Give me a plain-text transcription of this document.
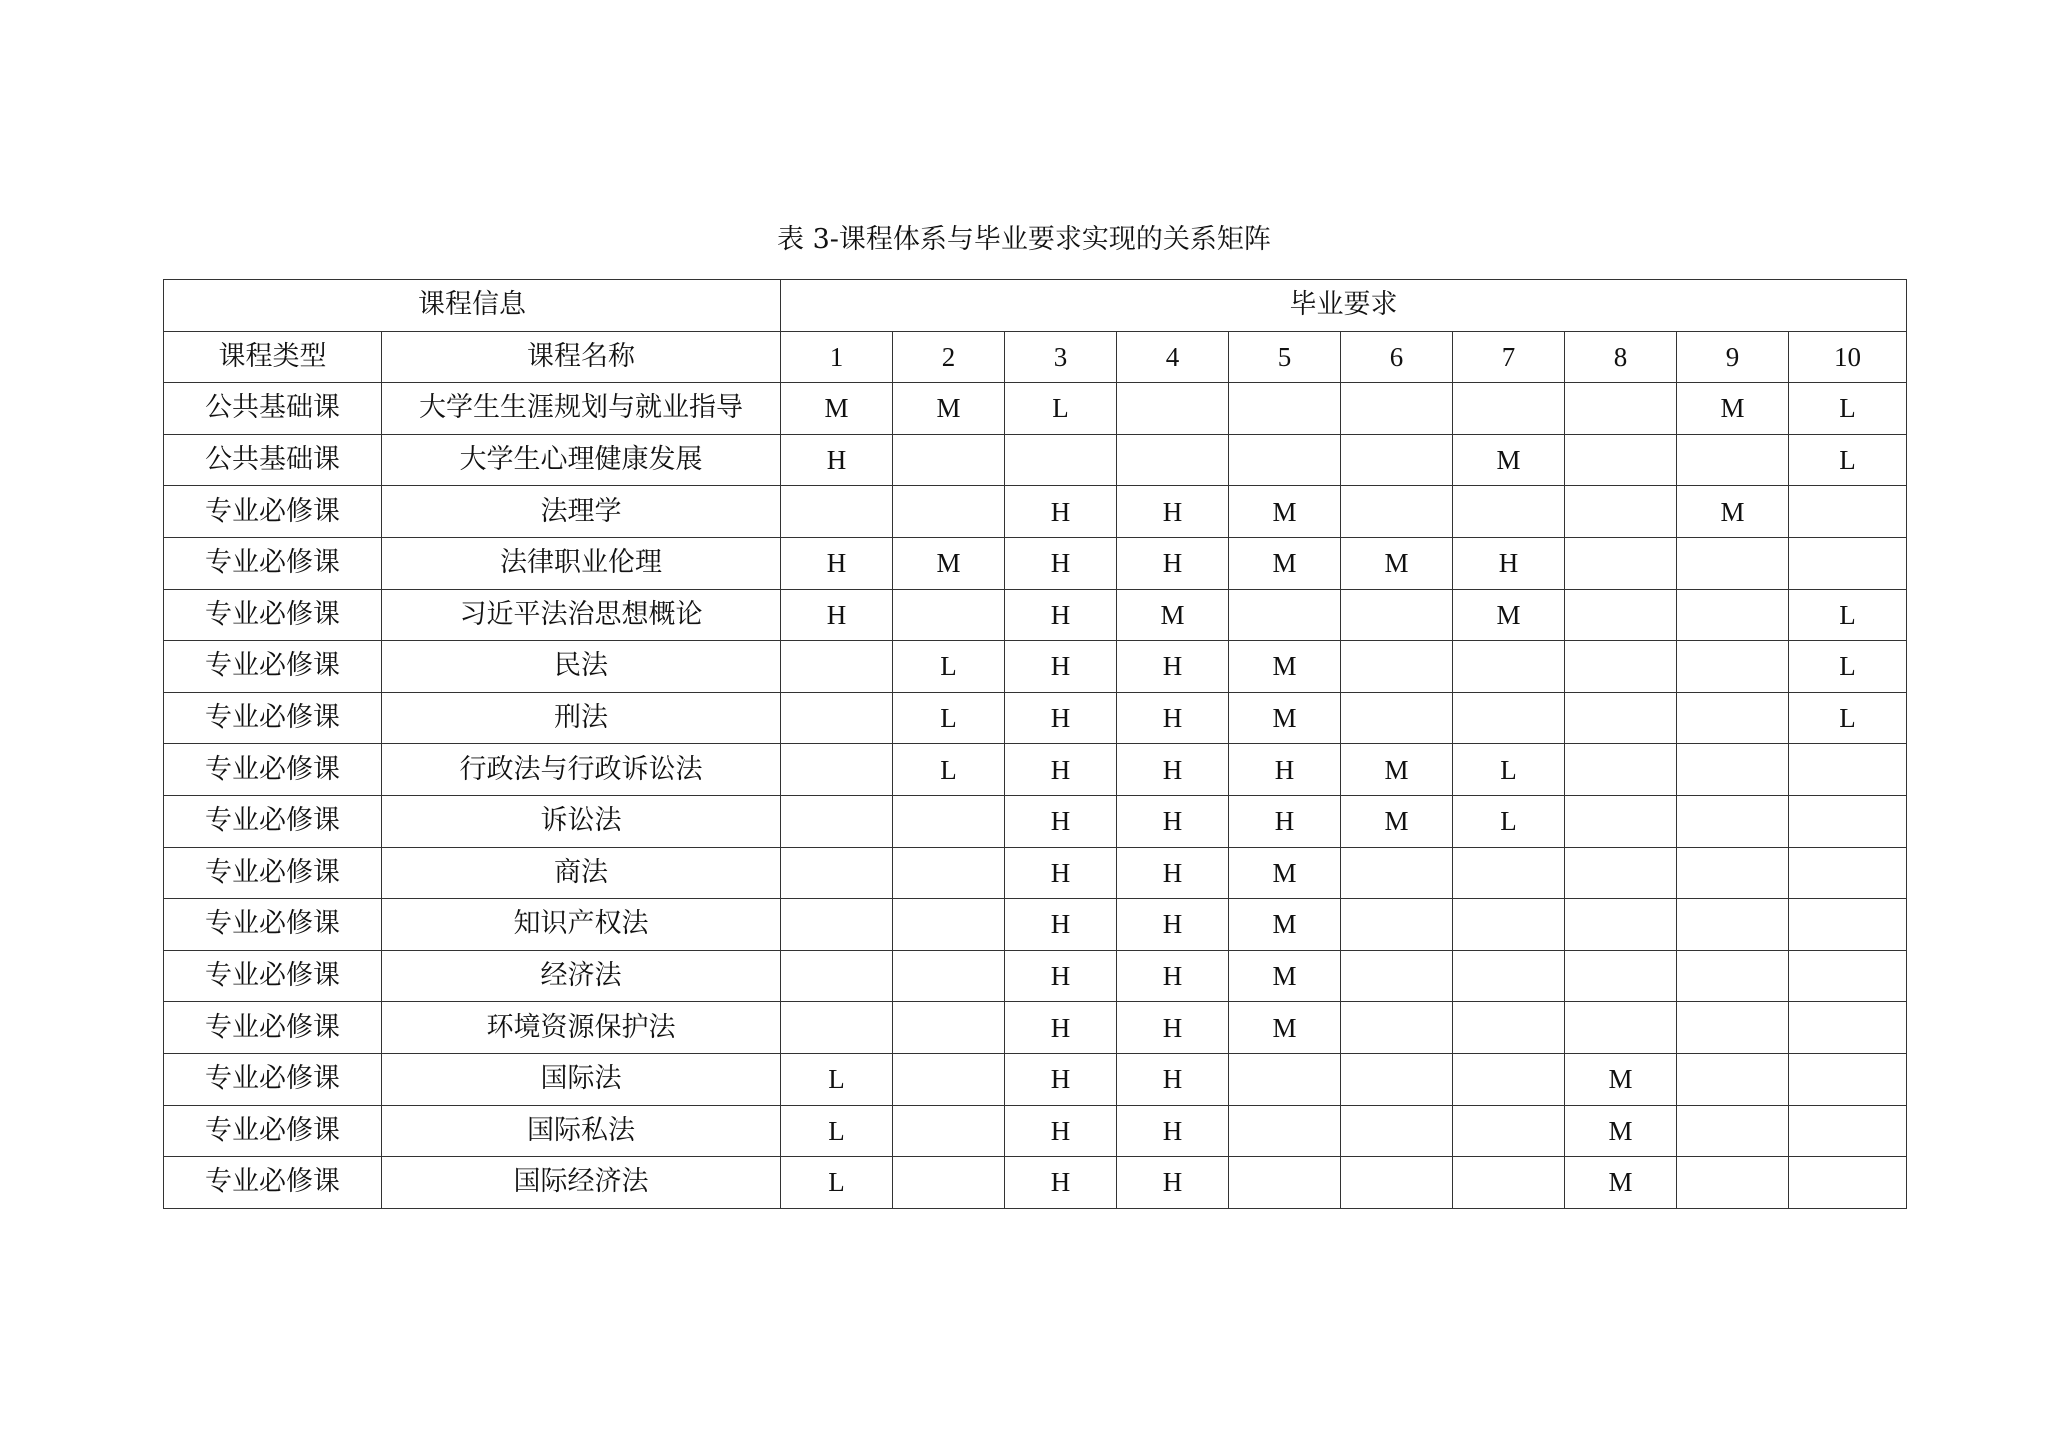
表 3-课程体系与毕业要求实现的关系矩阵
课程信息		毕业要求									
课程类型	课程名称	1	2	3	4	5	6	7	8	9	10
公共基础课	大学生生涯规划与就业指导	M	M	L						M	L
公共基础课	大学生心理健康发展	H						M			L
专业必修课	法理学			H	H	M				M	
专业必修课	法律职业伦理	H	M	H	H	M	M	H			
专业必修课	习近平法治思想概论	H		H	M			M			L
专业必修课	民法		L	H	H	M					L
专业必修课	刑法		L	H	H	M					L
专业必修课	行政法与行政诉讼法		L	H	H	H	M	L			
专业必修课	诉讼法			H	H	H	M	L			
专业必修课	商法			H	H	M					
专业必修课	知识产权法			H	H	M					
专业必修课	经济法			H	H	M					
专业必修课	环境资源保护法			H	H	M					
专业必修课	国际法	L		H	H				M		
专业必修课	国际私法	L		H	H				M		
专业必修课	国际经济法	L		H	H				M		
